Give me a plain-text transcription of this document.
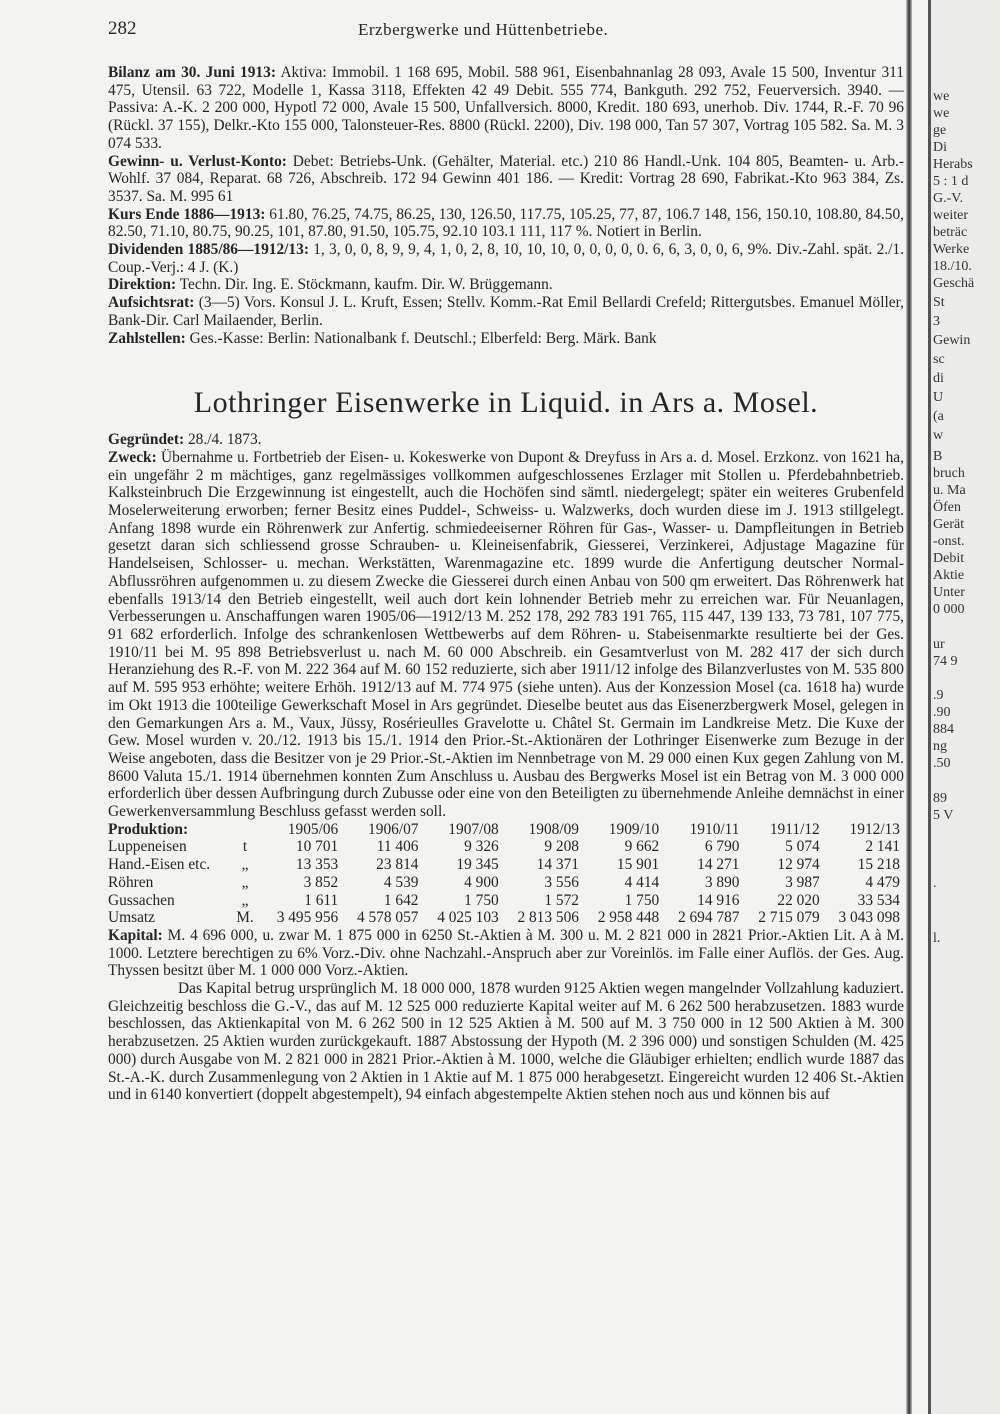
282	Erzbergwerke und Hüttenbetriebe.

Bilanz am 30. Juni 1913: Aktiva: Immobil. 1 168 695, Mobil. 588 961, Eisenbahnanlag 28 093, Avale 15 500, Inventur 311 475, Utensil. 63 722, Modelle 1, Kassa 3118, Effekten 42 49 Debit. 555 774, Bankguth. 292 752, Feuerversich. 3940. — Passiva: A.-K. 2 200 000, Hypotl 72 000, Avale 15 500, Unfallversich. 8000, Kredit. 180 693, unerhob. Div. 1744, R.-F. 70 96 (Rückl. 37 155), Delkr.-Kto 155 000, Talonsteuer-Res. 8800 (Rückl. 2200), Div. 198 000, Tan 57 307, Vortrag 105 582. Sa. M. 3 074 533.

Gewinn- u. Verlust-Konto: Debet: Betriebs-Unk. (Gehälter, Material. etc.) 210 86 Handl.-Unk. 104 805, Beamten- u. Arb.-Wohlf. 37 084, Reparat. 68 726, Abschreib. 172 94 Gewinn 401 186. — Kredit: Vortrag 28 690, Fabrikat.-Kto 963 384, Zs. 3537. Sa. M. 995 61

Kurs Ende 1886—1913: 61.80, 76.25, 74.75, 86.25, 130, 126.50, 117.75, 105.25, 77, 87, 106.7 148, 156, 150.10, 108.80, 84.50, 82.50, 71.10, 80.75, 90.25, 101, 87.80, 91.50, 105.75, 92.10 103.1 111, 117 %. Notiert in Berlin.

Dividenden 1885/86—1912/13: 1, 3, 0, 0, 8, 9, 9, 4, 1, 0, 2, 8, 10, 10, 10, 0, 0, 0, 0, 0. 6, 6, 3, 0, 0, 6, 9%. Div.-Zahl. spät. 2./1. Coup.-Verj.: 4 J. (K.)

Direktion: Techn. Dir. Ing. E. Stöckmann, kaufm. Dir. W. Brüggemann.

Aufsichtsrat: (3—5) Vors. Konsul J. L. Kruft, Essen; Stellv. Komm.-Rat Emil Bellardi Crefeld; Rittergutsbes. Emanuel Möller, Bank-Dir. Carl Mailaender, Berlin.

Zahlstellen: Ges.-Kasse: Berlin: Nationalbank f. Deutschl.; Elberfeld: Berg. Märk. Bank

Lothringer Eisenwerke in Liquid. in Ars a. Mosel.

Gegründet: 28./4. 1873.

Zweck: Übernahme u. Fortbetrieb der Eisen- u. Kokeswerke von Dupont & Dreyfuss in Ars a. d. Mosel. Erzkonz. von 1621 ha, ein ungefähr 2 m mächtiges, ganz regelmässiges vollkommen aufgeschlossenes Erzlager mit Stollen u. Pferdebahnbetrieb. Kalksteinbruch Die Erzgewinnung ist eingestellt, auch die Hochöfen sind sämtl. niedergelegt; später ein weiteres Grubenfeld Moselerweiterung erworben; ferner Besitz eines Puddel-, Schweiss- u. Walzwerks, doch wurden diese im J. 1913 stillgelegt. Anfang 1898 wurde ein Röhrenwerk zur Anfertig. schmiedeeiserner Röhren für Gas-, Wasser- u. Dampfleitungen in Betrieb gesetzt daran sich schliessend grosse Schrauben- u. Kleineisenfabrik, Giesserei, Verzinkerei, Adjustage Magazine für Handelseisen, Schlosser- u. mechan. Werkstätten, Warenmagazine etc. 1899 wurde die Anfertigung deutscher Normal-Abflussröhren aufgenommen u. zu diesem Zwecke die Giesserei durch einen Anbau von 500 qm erweitert. Das Röhrenwerk hat ebenfalls 1913/14 den Betrieb eingestellt, weil auch dort kein lohnender Betrieb mehr zu erreichen war. Für Neuanlagen, Verbesserungen u. Anschaffungen waren 1905/06—1912/13 M. 252 178, 292 783 191 765, 115 447, 139 133, 73 781, 107 775, 91 682 erforderlich. Infolge des schrankenlosen Wettbewerbs auf dem Röhren- u. Stabeisenmarkte resultierte bei der Ges. 1910/11 bei M. 95 898 Betriebsverlust u. nach M. 60 000 Abschreib. ein Gesamtverlust von M. 282 417 der sich durch Heranziehung des R.-F. von M. 222 364 auf M. 60 152 reduzierte, sich aber 1911/12 infolge des Bilanzverlustes von M. 535 800 auf M. 595 953 erhöhte; weitere Erhöh. 1912/13 auf M. 774 975 (siehe unten). Aus der Konzession Mosel (ca. 1618 ha) wurde im Okt 1913 die 100teilige Gewerkschaft Mosel in Ars gegründet. Dieselbe beutet aus das Eisenerzbergwerk Mosel, gelegen in den Gemarkungen Ars a. M., Vaux, Jüssy, Rosérieulles Gravelotte u. Châtel St. Germain im Landkreise Metz. Die Kuxe der Gew. Mosel wurden v. 20./12. 1913 bis 15./1. 1914 den Prior.-St.-Aktionären der Lothringer Eisenwerke zum Bezuge in der Weise angeboten, dass die Besitzer von je 29 Prior.-St.-Aktien im Nennbetrage von M. 29 000 einen Kux gegen Zahlung von M. 8600 Valuta 15./1. 1914 übernehmen konnten Zum Anschluss u. Ausbau des Bergwerks Mosel ist ein Betrag von M. 3 000 000 erforderlich über dessen Aufbringung durch Zubusse oder eine von den Beteiligten zu übernehmende Anleihe demnächst in einer Gewerkenversammlung Beschluss gefasst werden soll.

Produktion:		1905/06	1906/07	1907/08	1908/09	1909/10	1910/11	1911/12	1912/13
Luppeneisen	t	10 701	11 406	9 326	9 208	9 662	6 790	5 074	2 141
Hand.-Eisen etc.	„	13 353	23 814	19 345	14 371	15 901	14 271	12 974	15 218
Röhren	„	3 852	4 539	4 900	3 556	4 414	3 890	3 987	4 479
Gussachen	„	1 611	1 642	1 750	1 572	1 750	14 916	22 020	33 534
Umsatz	M.	3 495 956	4 578 057	4 025 103	2 813 506	2 958 448	2 694 787	2 715 079	3 043 098

Kapital: M. 4 696 000, u. zwar M. 1 875 000 in 6250 St.-Aktien à M. 300 u. M. 2 821 000 in 2821 Prior.-Aktien Lit. A à M. 1000. Letztere berechtigen zu 6% Vorz.-Div. ohne Nachzahl.-Anspruch aber zur Voreinlös. im Falle einer Auflös. der Ges. Aug. Thyssen besitzt über M. 1 000 000 Vorz.-Aktien.

Das Kapital betrug ursprünglich M. 18 000 000, 1878 wurden 9125 Aktien wegen mangelnder Vollzahlung kaduziert. Gleichzeitig beschloss die G.-V., das auf M. 12 525 000 reduzierte Kapital weiter auf M. 6 262 500 herabzusetzen. 1883 wurde beschlossen, das Aktienkapital von M. 6 262 500 in 12 525 Aktien à M. 500 auf M. 3 750 000 in 12 500 Aktien à M. 300 herabzusetzen. 25 Aktien wurden zurückgekauft. 1887 Abstossung der Hypoth (M. 2 396 000) und sonstigen Schulden (M. 425 000) durch Ausgabe von M. 2 821 000 in 2821 Prior.-Aktien à M. 1000, welche die Gläubiger erhielten; endlich wurde 1887 das St.-A.-K. durch Zusammenlegung von 2 Aktien in 1 Aktie auf M. 1 875 000 herabgesetzt. Eingereicht wurden 12 406 St.-Aktien und in 6140 konvertiert (doppelt abgestempelt), 94 einfach abgestempelte Aktien stehen noch aus und können bis auf

we
we
ge
Di
Herabs
5 : 1 d
G.-V.
weiter
beträc
Werke
18./10.
Geschä
St
3
Gewin
sc
di
U
(a
w
B
bruch
u. Ma
Öfen
Gerät
-onst.
Debit
Aktie
Unter
0 000
ur
74 9
.9
.90
884
ng
.50
89
5 V
.
l.
